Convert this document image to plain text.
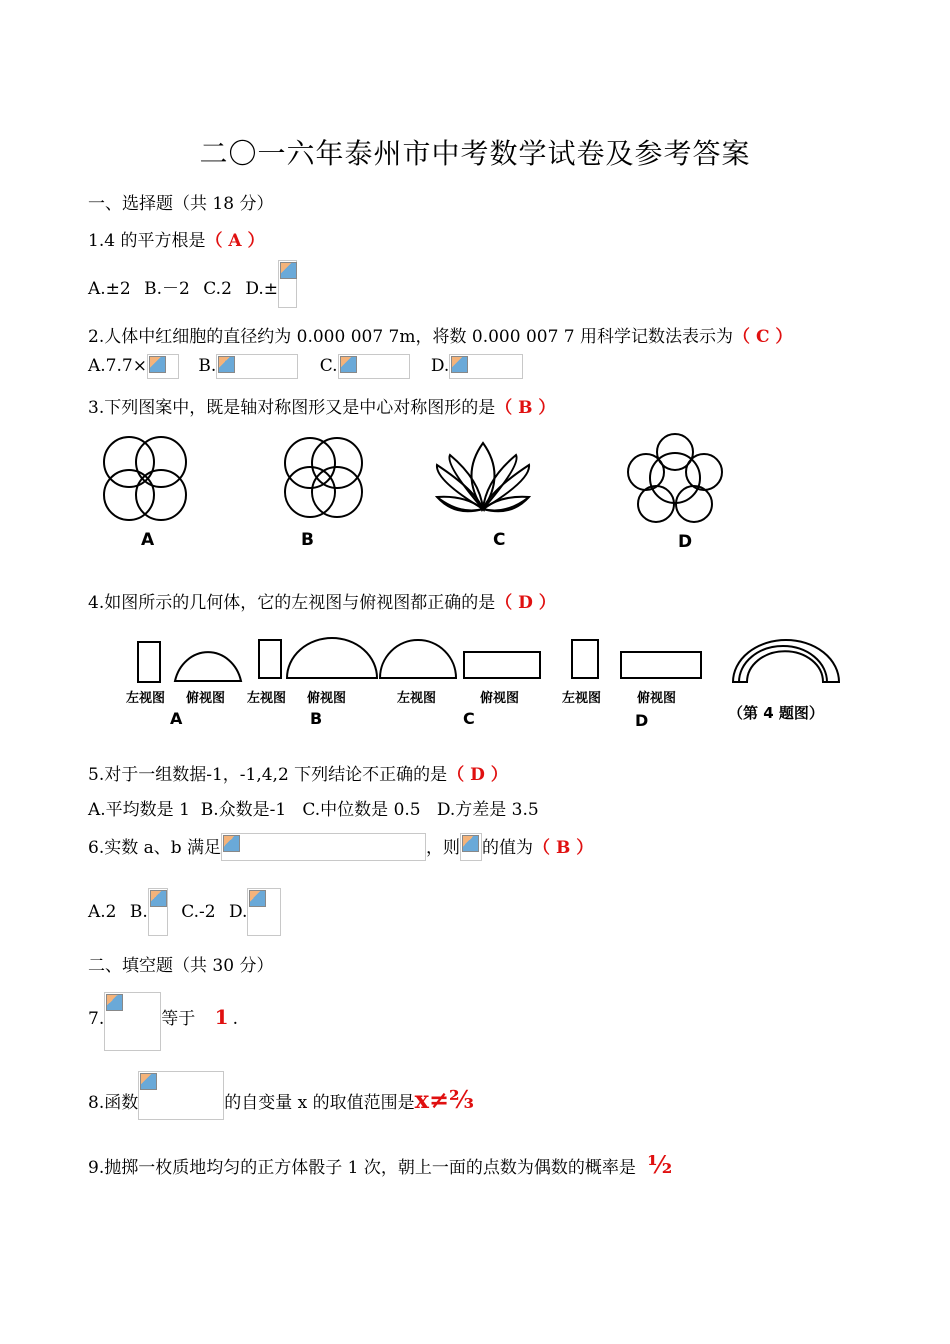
二〇一六年泰州市中考数学试卷及参考答案
一、选择题（共 18 分）
1.4 的平方根是（ A ）
A.±2 B.－2 C.2 D.±
2.人体中红细胞的直径约为 0.000 007 7m，将数 0.000 007 7 用科学记数法表示为（ C ）
A.7.7×	B.	C.	D.
3.下列图案中，既是轴对称图形又是中心对称图形的是（ B ）
A	B	C	D
4.如图所示的几何体，它的左视图与俯视图都正确的是（ D ）
左视图 俯视图 左视图 俯视图	左视图	俯视图	左视图	俯视图
A	B	C	D	（第 4 题图）
5.对于一组数据-1，-1,4,2 下列结论不正确的是（ D ）
A.平均数是 1  B.众数是-1   C.中位数是 0.5   D.方差是 3.5
6.实数 a、b 满足	，则 的值为（ B ）
A.2 B. C.-2 D.
二、填空题（共 30 分）
7.	等于 1 .
8.函数	的自变量 x 的取值范围是x≠⅔
9.抛掷一枚质地均匀的正方体骰子 1 次，朝上一面的点数为偶数的概率是 ½
